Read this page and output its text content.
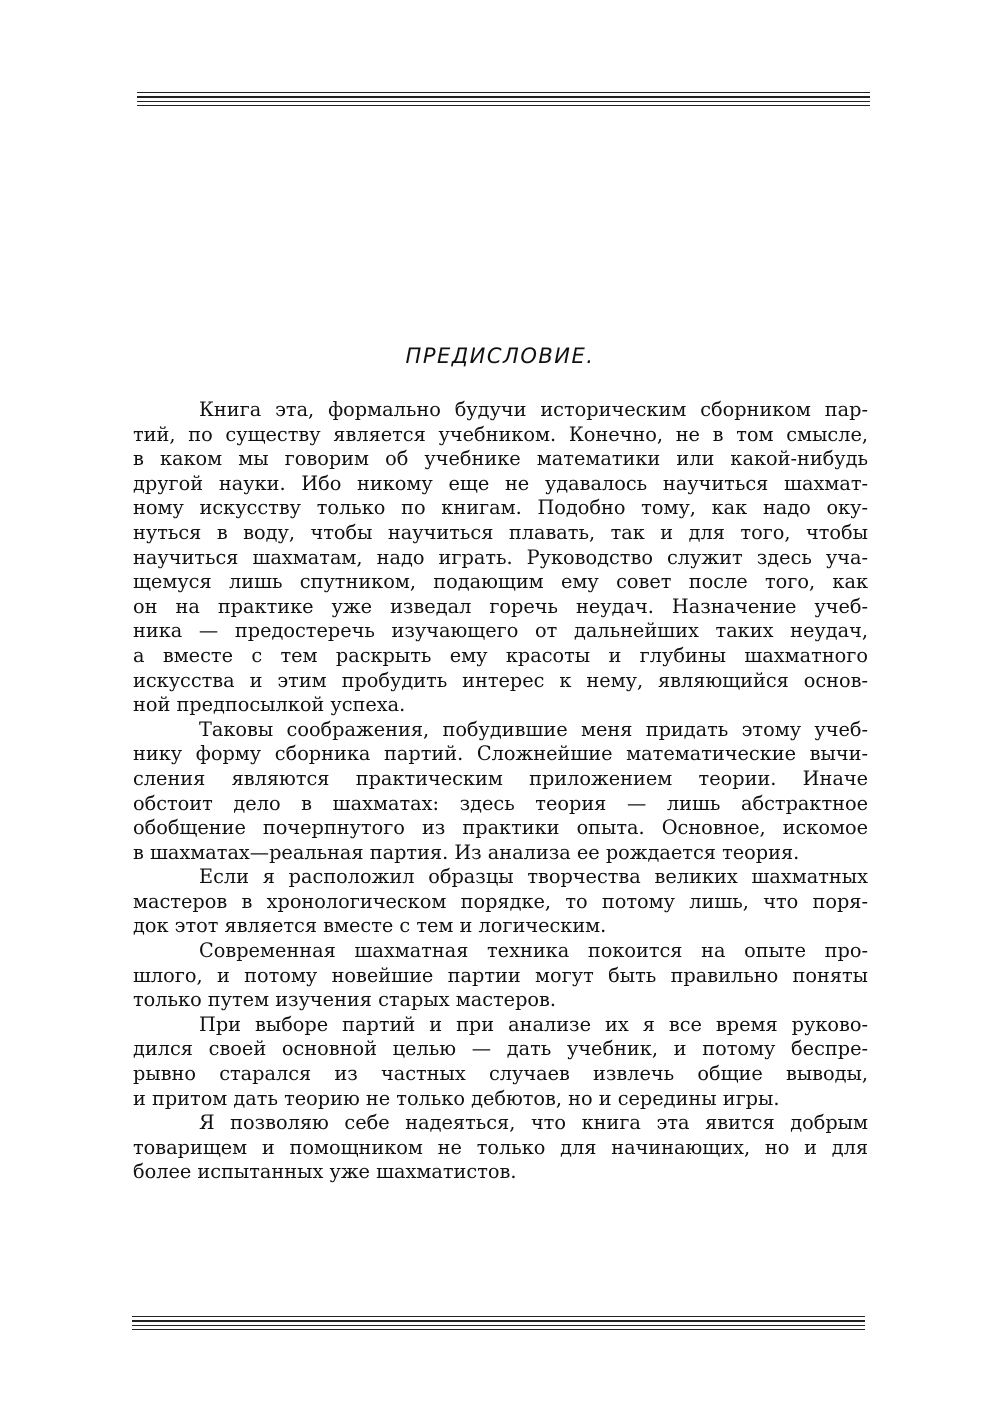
ПРЕДИСЛОВИЕ.
Книга эта, формально будучи историческим сборником пар-
тий, по существу является учебником. Конечно, не в том смысле,
в каком мы говорим об учебнике математики или какой-нибудь
другой науки. Ибо никому еще не удавалось научиться шахмат-
ному искусству только по книгам. Подобно тому, как надо оку-
нуться в воду, чтобы научиться плавать, так и для того, чтобы
научиться шахматам, надо играть. Руководство служит здесь уча-
щемуся лишь спутником, подающим ему совет после того, как
он на практике уже изведал горечь неудач. Назначение учеб-
ника — предостеречь изучающего от дальнейших таких неудач,
а вместе с тем раскрыть ему красоты и глубины шахматного
искусства и этим пробудить интерес к нему, являющийся основ-
ной предпосылкой успеха.
Таковы соображения, побудившие меня придать этому учеб-
нику форму сборника партий. Сложнейшие математические вычи-
сления являются практическим приложением теории. Иначе
обстоит дело в шахматах: здесь теория — лишь абстрактное
обобщение почерпнутого из практики опыта. Основное, искомое
в шахматах—реальная партия. Из анализа ее рождается теория.
Если я расположил образцы творчества великих шахматных
мастеров в хронологическом порядке, то потому лишь, что поря-
док этот является вместе с тем и логическим.
Современная шахматная техника покоится на опыте про-
шлого, и потому новейшие партии могут быть правильно поняты
только путем изучения старых мастеров.
При выборе партий и при анализе их я все время руково-
дился своей основной целью — дать учебник, и потому беспре-
рывно старался из частных случаев извлечь общие выводы,
и притом дать теорию не только дебютов, но и середины игры.
Я позволяю себе надеяться, что книга эта явится добрым
товарищем и помощником не только для начинающих, но и для
более испытанных уже шахматистов.
